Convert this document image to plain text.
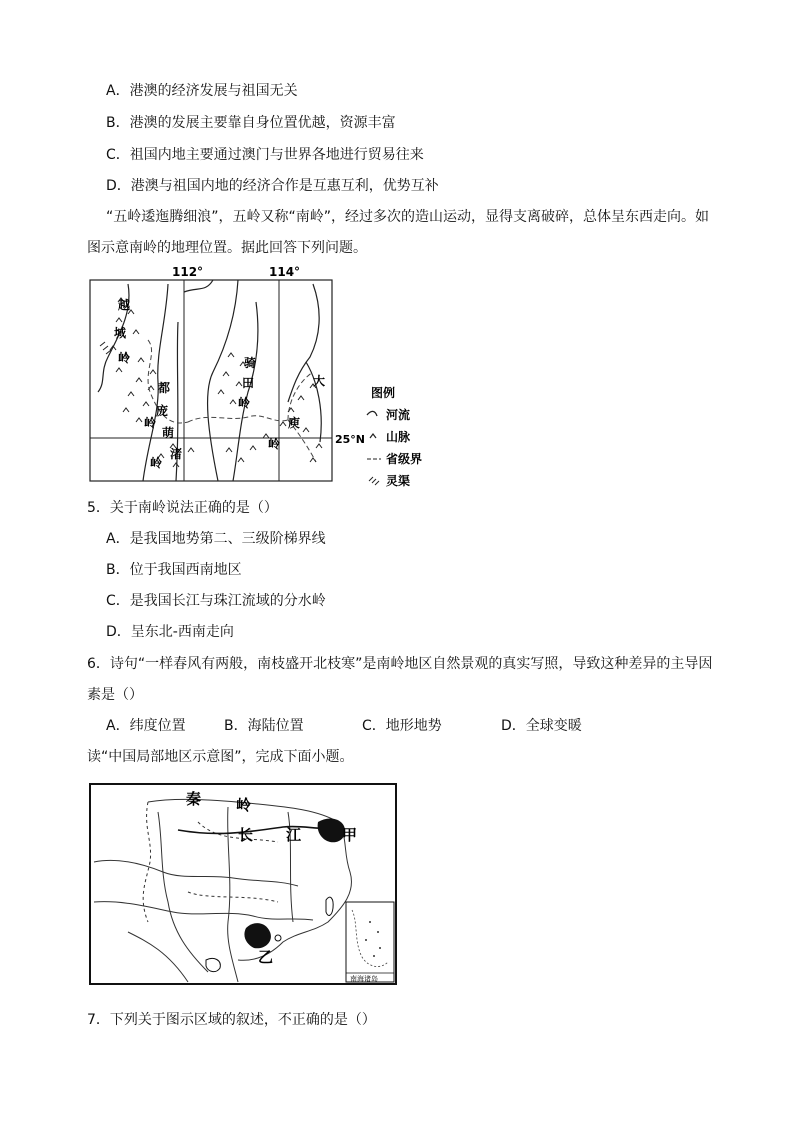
A．港澳的经济发展与祖国无关
B．港澳的发展主要靠自身位置优越，资源丰富
C．祖国内地主要通过澳门与世界各地进行贸易往来
D．港澳与祖国内地的经济合作是互惠互利，优势互补
“五岭逶迤腾细浪”，五岭又称“南岭”，经过多次的造山运动，显得支离破碎，总体呈东西走向。如
图示意南岭的地理位置。据此回答下列问题。
112°	114°
25°N
越
城
岭
都
庞
岭
萌
渚
岭
骑
田
岭
大
庾
岭
图例
河流
山脉
省级界
灵渠
5．关于南岭说法正确的是（）
A．是我国地势第二、三级阶梯界线
B．位于我国西南地区
C．是我国长江与珠江流域的分水岭
D．呈东北-西南走向
6．诗句“一样春风有两般，南枝盛开北枝寒”是南岭地区自然景观的真实写照，导致这种差异的主导因
素是（）
A．纬度位置	B．海陆位置	C．地形地势	D．全球变暖
读“中国局部地区示意图”，完成下面小题。
南海诸岛
秦 岭
长 江	甲
乙
7．下列关于图示区域的叙述，不正确的是（）
